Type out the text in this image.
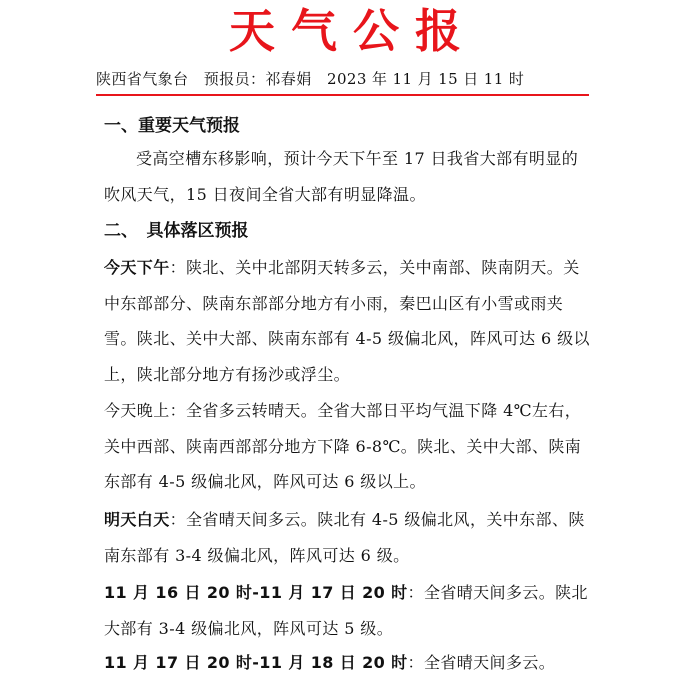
天气公报
陕西省气象台　预报员：祁春娟　2023 年 11 月 15 日 11 时
一、重要天气预报
受高空槽东移影响，预计今天下午至 17 日我省大部有明显的吹风天气，15 日夜间全省大部有明显降温。
二、　具体落区预报
今天下午：陕北、关中北部阴天转多云，关中南部、陕南阴天。关中东部部分、陕南东部部分地方有小雨，秦巴山区有小雪或雨夹雪。陕北、关中大部、陕南东部有 4-5 级偏北风，阵风可达 6 级以上，陕北部分地方有扬沙或浮尘。
今天晚上：全省多云转晴天。全省大部日平均气温下降 4℃左右，关中西部、陕南西部部分地方下降 6-8℃。陕北、关中大部、陕南东部有 4-5 级偏北风，阵风可达 6 级以上。
明天白天：全省晴天间多云。陕北有 4-5 级偏北风，关中东部、陕南东部有 3-4 级偏北风，阵风可达 6 级。
11 月 16 日 20 时-11 月 17 日 20 时：全省晴天间多云。陕北大部有 3-4 级偏北风，阵风可达 5 级。
11 月 17 日 20 时-11 月 18 日 20 时：全省晴天间多云。
